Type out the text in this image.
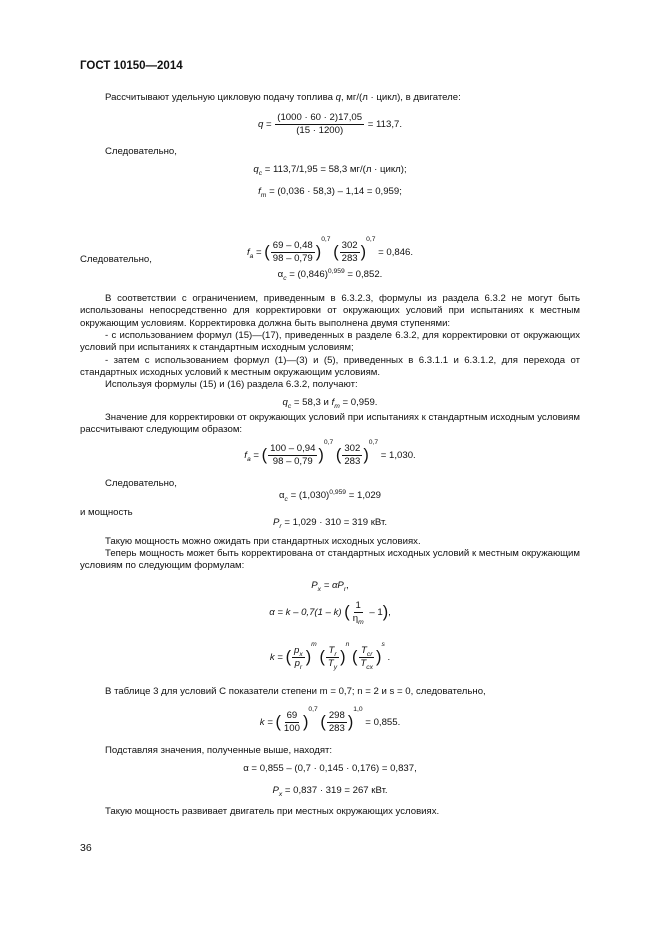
ГОСТ 10150—2014
Рассчитывают удельную цикловую подачу топлива q, мг/(л · цикл), в двигателе:
$q = \frac{(1000 \cdot 60 \cdot 2)17,05}{(15 \cdot 1200)} = 113,7$.
Следовательно,
$q_c = 113,7/1,95 = 58,3$ мг/(л · цикл);
$f_m = (0,036 \cdot 58,3) - 1,14 = 0,959$;
$f_a$ = ( $\frac{69 - 0,48}{98 - 0,79} )^{0,7}$ ( $\frac{302}{283} )^{0,7} = 0,846$.
Следовательно,
$\alpha_c = (0,846)^{0,959} = 0,852$.
В соответствии с ограничением, приведенным в 6.3.2.3, формулы из раздела 6.3.2 не могут быть использованы непосредственно для корректировки от окружающих условий при испытаниях к местным окружающим условиям. Корректировка должна быть выполнена двумя ступенями:
- с использованием формул (15)—(17), приведенных в разделе 6.3.2, для корректировки от окружающих условий при испытаниях к стандартным исходным условиям;
- затем с использованием формул (1)—(3) и (5), приведенных в 6.3.1.1 и 6.3.1.2, для перехода от стандартных исходных условий к местным окружающим условиям.
Используя формулы (15) и (16) раздела 6.3.2, получают:
$q_c = 58,3$ и $f_m = 0,959$.
Значение для корректировки от окружающих условий при испытаниях к стандартным исходным условиям рассчитывают следующим образом:
$f_a$ = ( $\frac{100 - 0,94}{98 - 0,79} )^{0,7}$ ( $\frac{302}{283} )^{0,7} = 1,030$.
Следовательно,
$\alpha_c = (1,030)^{0,959} = 1,029$
и мощность
$P_r = 1,029 \cdot 310 = 319$ кВт.
Такую мощность можно ожидать при стандартных исходных условиях.
Теперь мощность может быть корректирована от стандартных исходных условий к местным окружающим условиям по следующим формулам:
$P_x = \alpha P_r$,
α = k – 0,7(1 – k) ( $\frac{1}{\eta_m} - 1$),
k = ( $\frac{p_x}{p_r} )^m$ ( $\frac{T_r}{T_y} )^n$ ( $\frac{T_{cr}}{T_{cx}} )^s$ .
В таблице 3 для условий С показатели степени m = 0,7; n = 2 и s = 0, следовательно,
k = ( $\frac{69}{100} )^{0,7}$ ( $\frac{298}{283} )^{1,0} = 0,855$.
Подставляя значения, полученные выше, находят:
α = 0,855 – (0,7 · 0,145 · 0,176) = 0,837,
$P_x = 0,837 \cdot 319 = 267$ кВт.
Такую мощность развивает двигатель при местных окружающих условиях.
36
